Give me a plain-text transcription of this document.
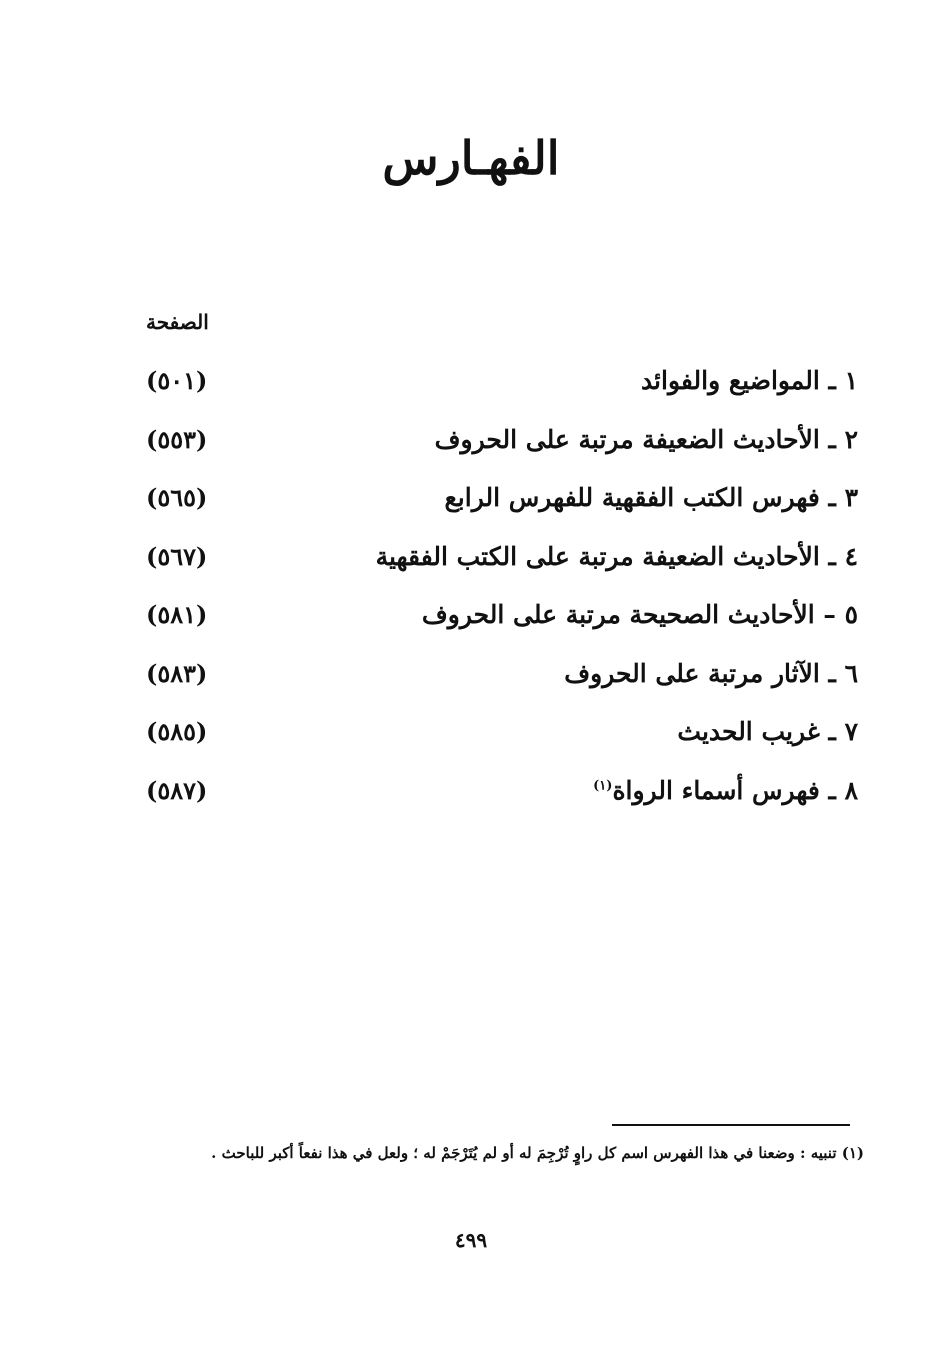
الفهـارس
الصفحة
١ ـ المواضيع والفوائد
(٥٠١)
٢ ـ الأحاديث الضعيفة مرتبة على الحروف
(٥٥٣)
٣ ـ فهرس الكتب الفقهية للفهرس الرابع
(٥٦٥)
٤ ـ الأحاديث الضعيفة مرتبة على الكتب الفقهية
(٥٦٧)
٥ – الأحاديث الصحيحة مرتبة على الحروف
(٥٨١)
٦ ـ الآثار مرتبة على الحروف
(٥٨٣)
٧ ـ غريب الحديث
(٥٨٥)
٨ ـ فهرس أسماء الرواة$^{(١)}$
(٥٨٧)
(١) تنبيه : وضعنا في هذا الفهرس اسم كل راوٍ تُرْجِمَ له أو لم يُتَرْجَمْ له ؛ ولعل في هذا نفعاً أكبر للباحث .
٤٩٩
